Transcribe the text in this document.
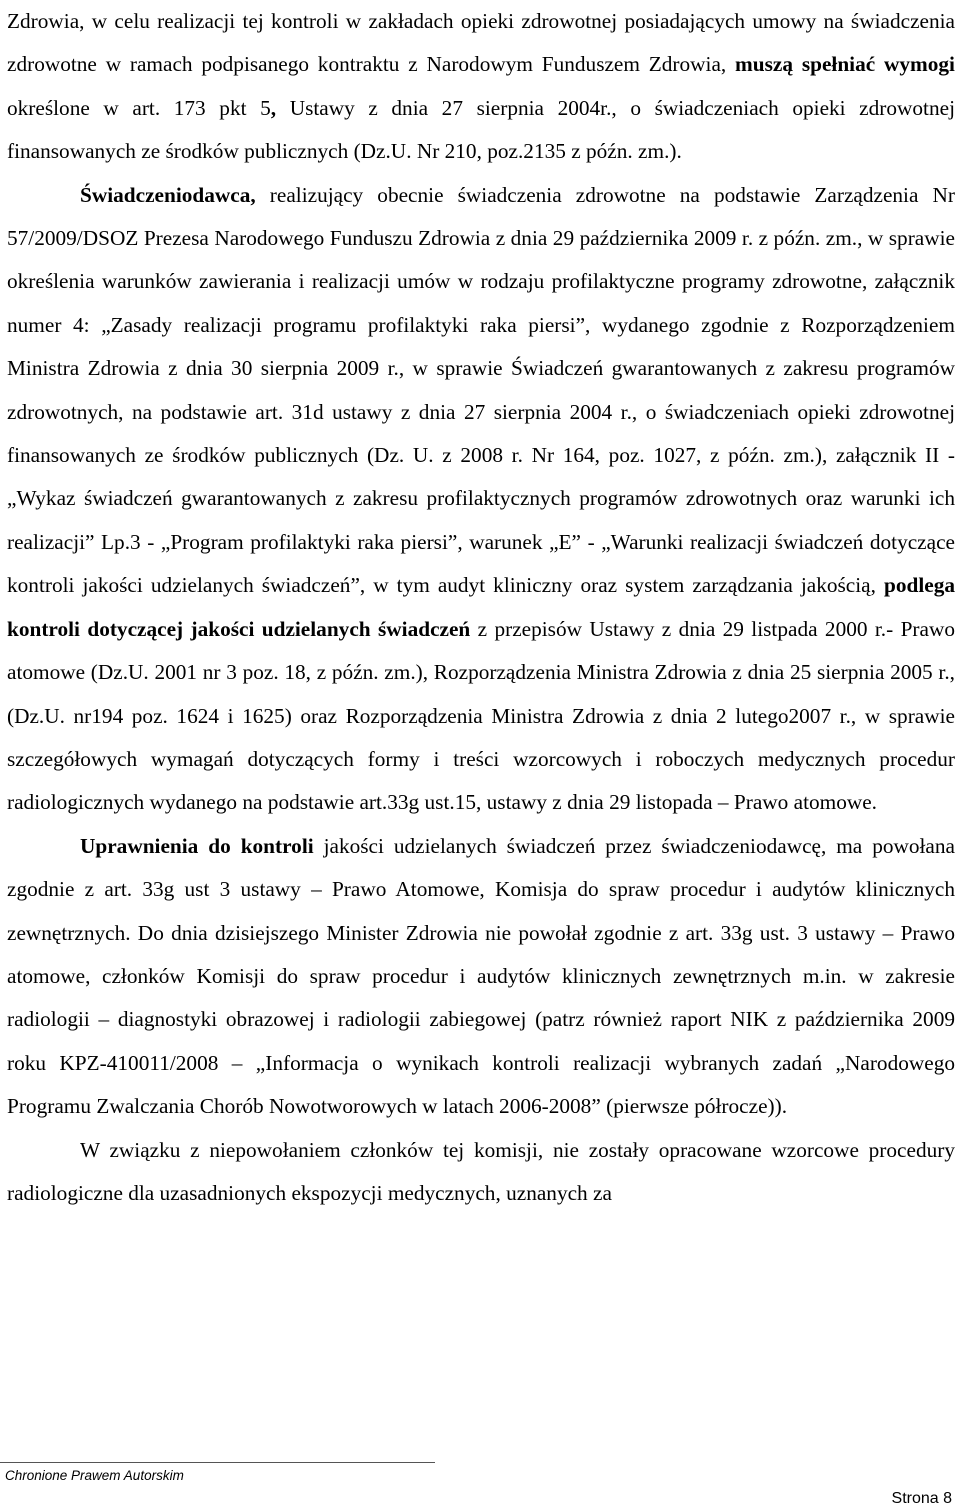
Zdrowia, w celu realizacji tej kontroli w zakładach opieki zdrowotnej posiadających umowy na świadczenia zdrowotne w ramach podpisanego kontraktu z Narodowym Funduszem Zdrowia, muszą spełniać wymogi określone w art. 173 pkt 5, Ustawy z dnia 27 sierpnia 2004r., o świadczeniach opieki zdrowotnej finansowanych ze środków publicznych (Dz.U. Nr 210, poz.2135 z późn. zm.).

Świadczeniodawca, realizujący obecnie świadczenia zdrowotne na podstawie Zarządzenia Nr 57/2009/DSOZ Prezesa Narodowego Funduszu Zdrowia z dnia 29 października 2009 r. z późn. zm., w sprawie określenia warunków zawierania i realizacji umów w rodzaju profilaktyczne programy zdrowotne, załącznik numer 4: „Zasady realizacji programu profilaktyki raka piersi”, wydanego zgodnie z Rozporządzeniem Ministra Zdrowia z dnia 30 sierpnia 2009 r., w sprawie Świadczeń gwarantowanych z zakresu programów zdrowotnych, na podstawie art. 31d ustawy z dnia 27 sierpnia 2004 r., o świadczeniach opieki zdrowotnej finansowanych ze środków publicznych (Dz. U. z 2008 r. Nr 164, poz. 1027, z późn. zm.), załącznik II - „Wykaz świadczeń gwarantowanych z zakresu profilaktycznych programów zdrowotnych oraz warunki ich realizacji” Lp.3 - „Program profilaktyki raka piersi”, warunek „E” - „Warunki realizacji świadczeń dotyczące kontroli jakości udzielanych świadczeń”, w tym audyt kliniczny oraz system zarządzania jakością, podlega kontroli dotyczącej jakości udzielanych świadczeń z przepisów Ustawy z dnia 29 listpada 2000 r.- Prawo atomowe (Dz.U. 2001 nr 3 poz. 18, z późn. zm.), Rozporządzenia Ministra Zdrowia z dnia 25 sierpnia 2005 r., (Dz.U. nr194 poz. 1624 i 1625) oraz Rozporządzenia Ministra Zdrowia z dnia 2 lutego2007 r., w sprawie szczegółowych wymagań dotyczących formy i treści wzorcowych i roboczych medycznych procedur radiologicznych wydanego na podstawie art.33g ust.15, ustawy z dnia 29 listopada – Prawo atomowe.

Uprawnienia do kontroli jakości udzielanych świadczeń przez świadczeniodawcę, ma powołana zgodnie z art. 33g ust 3 ustawy – Prawo Atomowe, Komisja do spraw procedur i audytów klinicznych zewnętrznych. Do dnia dzisiejszego Minister Zdrowia nie powołał zgodnie z art. 33g ust. 3 ustawy – Prawo atomowe, członków Komisji do spraw procedur i audytów klinicznych zewnętrznych m.in. w zakresie radiologii – diagnostyki obrazowej i radiologii zabiegowej (patrz również raport NIK z października 2009 roku KPZ-410011/2008 – „Informacja o wynikach kontroli realizacji wybranych zadań „Narodowego Programu Zwalczania Chorób Nowotworowych w latach 2006-2008” (pierwsze półrocze)).

W związku z niepowołaniem członków tej komisji, nie zostały opracowane wzorcowe procedury radiologiczne dla uzasadnionych ekspozycji medycznych, uznanych za

Chronione Prawem Autorskim
Strona 8
